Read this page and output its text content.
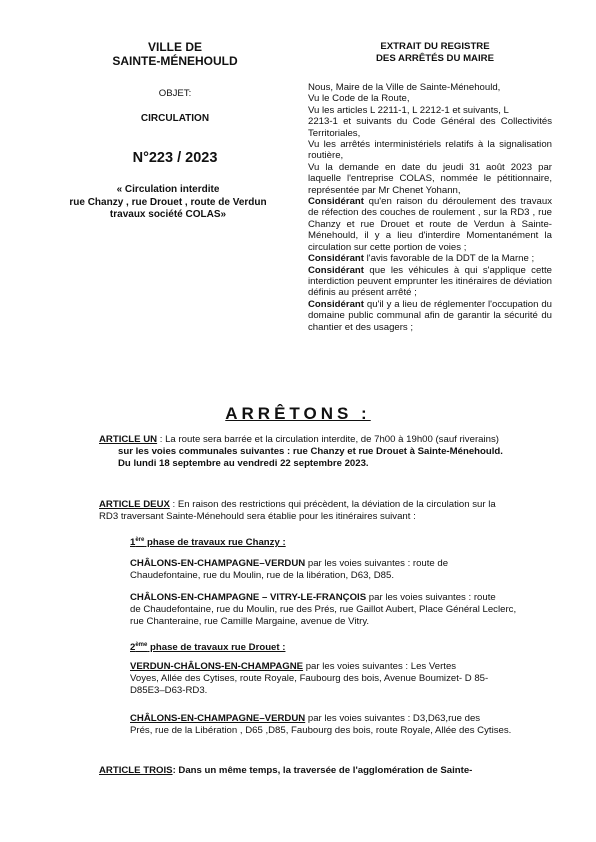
VILLE DE
SAINTE-MÉNEHOULD
EXTRAIT DU REGISTRE
DES ARRÊTÉS DU MAIRE
OBJET:
CIRCULATION
N°223 / 2023
« Circulation interdite
rue Chanzy , rue Drouet , route de Verdun
travaux société COLAS»
Nous, Maire de la Ville de Sainte-Ménehould,
Vu le Code de la Route,
Vu les articles L 2211-1, L 2212-1 et suivants, L
2213-1 et suivants du Code Général des Collectivités Territoriales,
Vu les arrêtés interministériels relatifs à la signalisation routière,
Vu la demande en date du jeudi 31 août 2023 par laquelle l'entreprise COLAS, nommée le pétitionnaire, représentée par Mr Chenet Yohann,
Considérant qu'en raison du déroulement des travaux de réfection des couches de roulement , sur la RD3 , rue Chanzy et rue Drouet et route de Verdun à Sainte-Ménehould, il y a lieu d'interdire Momentanément la circulation sur cette portion de voies ;
Considérant l'avis favorable de la DDT de la Marne ;
Considérant que les véhicules à qui s'applique cette interdiction peuvent emprunter les itinéraires de déviation définis au présent arrêté ;
Considérant qu'il y a lieu de réglementer l'occupation du domaine public communal afin de garantir la sécurité du chantier et des usagers ;
ARRÊTONS :
ARTICLE UN : La route sera barrée et la circulation interdite, de 7h00 à 19h00 (sauf riverains)
sur les voies communales suivantes : rue Chanzy et rue Drouet à Sainte-Ménehould.
Du lundi 18 septembre au vendredi 22 septembre 2023.
ARTICLE DEUX : En raison des restrictions qui précèdent, la déviation de la circulation sur la
RD3 traversant Sainte-Ménehould sera établie pour les itinéraires suivant :
1ère phase de travaux rue Chanzy :
CHÂLONS-EN-CHAMPAGNE–VERDUN par les voies suivantes : route de
Chaudefontaine, rue du Moulin, rue de la libération, D63, D85.
CHÂLONS-EN-CHAMPAGNE – VITRY-LE-FRANÇOIS par les voies suivantes : route
de Chaudefontaine, rue du Moulin, rue des Prés, rue Gaillot Aubert, Place Général Leclerc,
rue Chanteraine, rue Camille Margaine, avenue de Vitry.
2ème phase de travaux rue Drouet :
VERDUN-CHÂLONS-EN-CHAMPAGNE par les voies suivantes : Les Vertes
Voyes, Allée des Cytises, route Royale, Faubourg des bois, Avenue Boumizet- D 85-
D85E3–D63-RD3.
CHÂLONS-EN-CHAMPAGNE–VERDUN par les voies suivantes : D3,D63,rue des
Prés, rue de la Libération , D65 ,D85, Faubourg des bois, route Royale, Allée des Cytises.
ARTICLE TROIS: Dans un même temps, la traversée de l'agglomération de Sainte-
